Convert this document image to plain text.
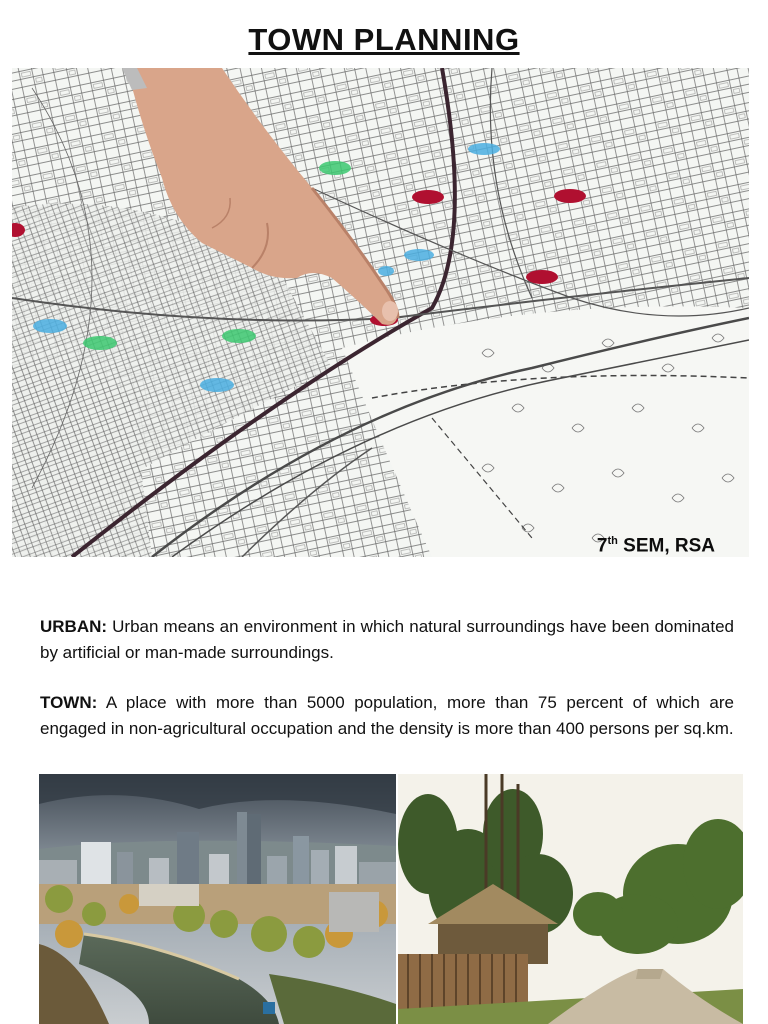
TOWN PLANNING
7th SEM, RSA

URBAN: Urban means an environment in which natural surroundings have been dominated by artificial or man-made surroundings.

TOWN: A place with more than 5000 population, more than 75 percent of which are engaged in non-agricultural occupation and the density is more than 400 persons per sq.km.
